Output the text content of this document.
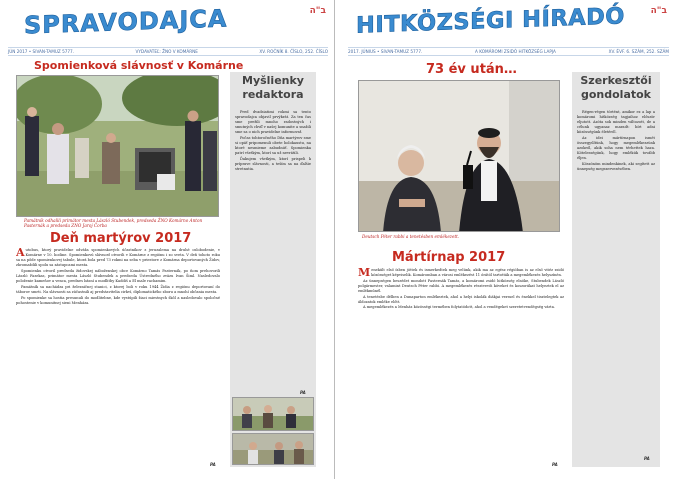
SPRAVODAJCA	ב"ה
JÚN 2017 • SIVAN-TAMUZ 5777.	VYDAVATEĽ: ŽNO V KOMÁRNE	XV. ROČNÍK 8. ČÍSLO, 252. ČÍSLO
Spomienková slávnosť v Komárne
Pamätník odhalili primátor mesta László Stubendek, predseda ŽNO Komárno Anton Pasternák a predseda ZNO Jaroj Čorba
Deň martýrov 2017

Autobus, ktorý pravidelne odváža spomienkových účastníkov z jeruzalema na druhé oslobodenie, v Komárne v 10. hodine. Spomienkovú slávnosť otvorili v Komárne z regiónu i zo sveta. V deň tohoto roku sa na pôde spomienkovej tabule, ktorá bola pred 73 rokmi na seba v priestore z Komárna deportovaných Židov, zhromaždili spolu sa zástupcami mesta.

Spomienku otvoril predseda židovskej náboženskej obce Komárno Tamás Pasternák, po ňom prehovorili László Fazekas, primátor mesta László Stubendek a predseda Ústredného zväzu Ivan Šiml. Nasledovalo položenie kameňov a venca, prednes básní a modlitby Kaddiš a El male rachamim.

Pamätník sa nachádza pri železničnej stanici, z ktorej boli v roku 1944 Židia z regiónu deportovaní do táborov smrti. Na slávnosti sa zúčastnili aj predstavitelia cirkví, diplomatického zboru a mnohí občania mesta.

Po spomienke sa hostia presunuli do modlitebne, kde vystúpili žiaci miestnych škôl a nasledovalo spoločné pohostenie v komunitnej sieni Menháza.

PA
Myšlienky redaktora

Pred dvadsiatimi rokmi sa tento spravodajca objavil prvýkrát. Za ten čas sme prežili mnoho radostných i smutných chvíľ v našej komunite a snažili sme sa o nich pravidelne informovať.

Počas tohtoročného Dňa martýrov sme si opäť pripomenuli obete holokaustu, na ktoré nesmieme zabudnúť. Spomienka patrí všetkým, ktorí sa už nevrátili.

Ďakujem všetkým, ktorí prispeli k príprave slávnosti, a teším sa na ďalšie stretnutia.

PA
HITKÖZSÉGI HÍRADÓ	ב"ה
2017. JÚNIUS • SIVAN-TAMUZ 5777.	A KOMÁROMI ZSIDÓ HITKÖZSÉG LAPJA	XV. ÉVF. 6. SZÁM, 252. SZÁM
73 év után…
Deutsch Péter rabbi a tenetésben emlékezett.
Mártírnap 2017

Menekült első ízben jöttek és ismerkedtek meg velünk, akik ma az egész régióban is az első vitéz zsidó közösséget képviselik. Komáromban a városi emlékezést 11 órától tartották a megemlékezés helyszínén.

Az ünnepségen beszédet mondott Pasternák Tamás, a komáromi zsidó hitközség elnöke, Stubendek László polgármester, valamint Deutsch Péter rabbi. A megemlékezés résztvevői köveket és koszorúkat helyeztek el az emlékműnél.

A tenetésbe délben a Dunaparton emlékeztek, ahol a helyi iskolák diákjai verssel és énekkel tisztelegtek az áldozatok emléke előtt.

A megemlékezés a Menház közösségi termében folytatódott, ahol a vendégeket szeretetvendégség várta.

PA
Szerkesztői gondolatok

Régen-régen történt, amikor ez a lap a komáromi hitközség tagjaihoz először eljutott. Azóta sok minden változott, de a célunk ugyanaz maradt: hírt adni közösségünk életéről.

Az idei mártírnapon ismét összegyűltünk, hogy megemlékezzünk azokról, akik soha nem térhettek haza. Kötelességünk, hogy emlékük tovább éljen.

Köszönöm mindenkinek, aki segített az ünnepség megszervezésében.

PA
